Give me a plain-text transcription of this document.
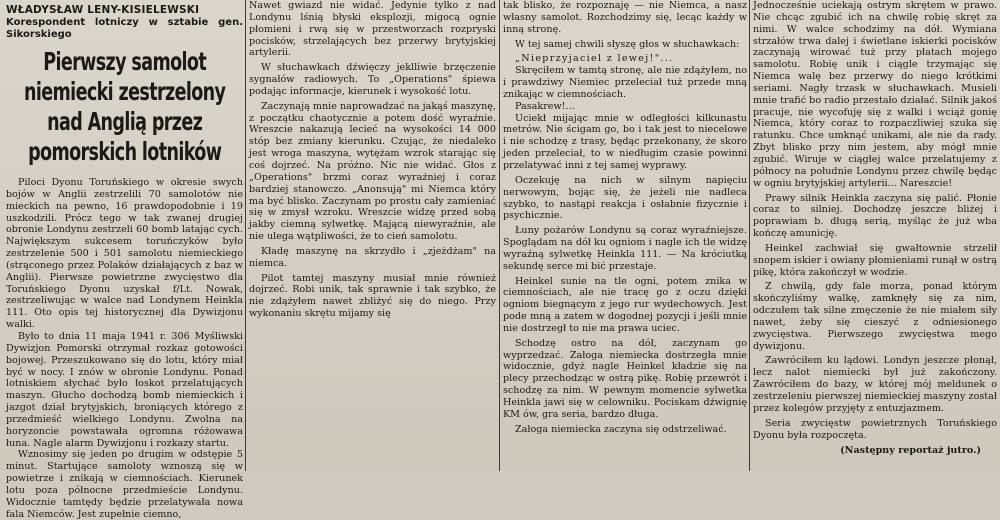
WŁADYSŁAW LENY-KISIELEWSKI
Korespondent lotniczy w sztabie gen. Sikorskiego
Pierwszy samolot niemiecki zestrzelony
nad Anglią przez pomorskich lotników

Piloci Dyonu Toruńskiego w okresie swych bojów w Anglii zestrzelili 70 samolotów nie mieckich na pewno, 16 prawdopodobnie i 19 uszkodzili. Prócz tego w tak zwanej drugiej obronie Londynu zestrzeli 60 bomb latając cych. Największym sukcesem toruńczyków było zestrzelenie 500 i 501 samolotu niemieckiego (strąconego przez Polaków działających z baz w Anglii). Pierwsze powietrzne zwycięstwo dla Toruńskiego Dyonu uzyskał f/Lt. Nowak, zestrzeliwując w walce nad Londynem Heinkla 111. Oto opis tej historycznej dla Dywizjonu walki.

Było to dnia 11 maja 1941 r. 306 Myśliwski Dywizjon Pomorski otrzymał rozkaz gotowości bojowej. Przeszukowano się do lotu, który miał być w nocy. I znów w obronie Londynu. Ponad lotniskiem słychać było łoskot przelatujących maszyn. Głucho dochodzą bomb niemieckich i jazgot dział brytyjskich, broniących którego z przedmieść wielkiego Londynu. Zwolna na horyzoncie powstawała ogromna różowawa łuna. Nagle alarm Dywizjonu i rozkazy startu.

Wznosimy się jeden po drugim w odstępie 5 minut. Startujące samoloty wznoszą się w powietrze i znikają w ciemnościach. Kierunek lotu poza północne przedmieście Londynu. Widocznie tamtędy będzie przelatywała nowa fala Niemców. Jest zupełnie ciemno,

Nawet gwiazd nie widać. Jedynie tylko z nad Londynu lśnią błyski eksplozji, migocą ognie płomieni i rwą się w przestworzach rozpryski pocisków, strzelających bez przerwy brytyjskiej artylerii.

W słuchawkach dźwięczy jeklliwie brzęczenie sygnałów radiowych. To „Operations" śpiewa podając informacje, kierunek i wysokość lotu.

Zaczynają mnie naprowadzać na jakąś maszynę, z początku chaotycznie a potem dość wyraźnie. Wreszcie nakazują lecieć na wysokości 14 000 stóp bez zmiany kierunku. Czując, że niedaleko jest wroga maszyna, wytężam wzrok starając się coś dojrzeć. Na próżno. Nic nie widać. Głos z „Operations" brzmi coraz wyraźniej i coraz bardziej stanowczo. „Anonsują" mi Niemca który ma być blisko. Zaczynam po prostu cały zamieniać się w zmysł wzroku. Wreszcie widzę przed sobą jakby ciemną sylwetkę. Mającą niewyraźnie, ale nie ulega wątpliwości, że to cień samolotu.

Kładę maszynę na skrzydło i „zjeżdżam" na niemca.

Pilot tamtej maszyny musiał mnie również dojrzeć. Robi unik, tak sprawnie i tak szybko, że nie zdążyłem nawet zbliżyć się do niego. Przy wykonaniu skrętu mijamy się

tak blisko, że rozpoznaję — nie Niemca, a nasz własny samolot. Rozchodzimy się, lecąc każdy w inną stronę.

W tej samej chwili słyszę głos w słuchawkach:

„Nieprzyjaciel z lewej!"...

Skręciłem w tamtą stronę, ale nie zdążyłem, no i prawdziwy Niemiec przeleciał tuż przede mną znikając w ciemnościach.

Pasakrew!...

Uciekł mijając mnie w odległości kilkunastu metrów. Nie ścigam go, bo i tak jest to niecelowe i nie schodzę z trasy, będąc przekonany, że skoro jeden przeleciał, to w niedługim czasie powinni przelatywać inni z tej samej wyprawy.

Oczekuję na nich w silnym napięciu nerwowym, bojąc się, że jeżeli nie nadleca szybko, to nastąpi reakcja i osłabnie fizycznie i psychicznie.

Łuny pożarów Londynu są coraz wyraźniejsze. Spoglądam na dół ku ogniom i nagle ich tle widzę wyraźną sylwetkę Heinkla 111. — Na króciutką sekundę serce mi bić przestaje.

Heinkel sunie na tle ogni, potem znika w ciemnościach, ale nie tracę go z oczu dzięki ogniom biegnącym z jego rur wydechowych. Jest pode mną a zatem w dogodnej pozycji i jeśli mnie nie dostrzegł to nie ma prawa uciec.

Schodzę ostro na dół, zaczynam go wyprzedzać. Załoga niemiecka dostrzegła mnie widocznie, gdyż nagle Heinkel kładzie się na plecy przechodząc w ostrą pikę. Robię przewrót i schodzę za nim. W pewnym momencie sylwetka Heinkla jawi się w celowniku. Pociskam dźwignię KM ów, gra seria, bardzo długa.

Załoga niemiecka zaczyna się odstrzeliwać.

Jednocześnie uciekają ostrym skrętem w prawo. Nie chcąc zgubić ich na chwilę robię skręt za nimi. W walce schodzimy na dół. Wymiana strzałów trwa dalej i świetlane iskierki pocisków zaczynają wirować tuż przy płatach mojego samolotu. Robię unik i ciągle trzymając się Niemca walę bez przerwy do niego krótkimi seriami. Nagły trzask w słuchawkach. Musieli mnie trafić bo radio przestało działać. Silnik jakoś pracuje, nie wycofuję się z walki i wciąż gonię Niemca, który coraz to rozpaczliwiej szuka się ratunku. Chce umknąć unikami, ale nie da rady. Zbyt blisko przy nim jestem, aby mógł mnie zgubić. Wiruje w ciągłej walce przelatujemy z północy na południe Londynu przez chwilę będąc w ogniu brytyjskiej artylerii... Nareszcie!

Prawy silnik Heinkla zaczyna się palić. Płonie coraz to silniej. Dochodzę jeszcze bliżej i poprawiam b. długą serią, myśląc że już wba kończę amunicję.

Heinkel zachwiał się gwałtownie strzelił snopem iskier i owiany płomieniami runął w ostrą pikę, która zakończył w wodzie.

Z chwilą, gdy fale morza, ponad którym skończyliśmy walkę, zamknęły się za nim, odczułem tak silne zmęczenie że nie miałem siły nawet, żeby się cieszyć z odniesionego zwycięstwa. Pierwszego zwycięstwa mego dywizjonu.

Zawróciłem ku lądowi. Londyn jeszcze płonął, lecz nalot niemiecki był już zakończony. Zawróciłem do bazy, w której mój meldunek o zestrzeleniu pierwszej niemieckiej maszyny został przez kolegów przyjęty z entuzjazmem.

Seria zwycięstw powietrznych Toruńskiego Dyonu była rozpoczęta.

(Następny reportaż jutro.)
